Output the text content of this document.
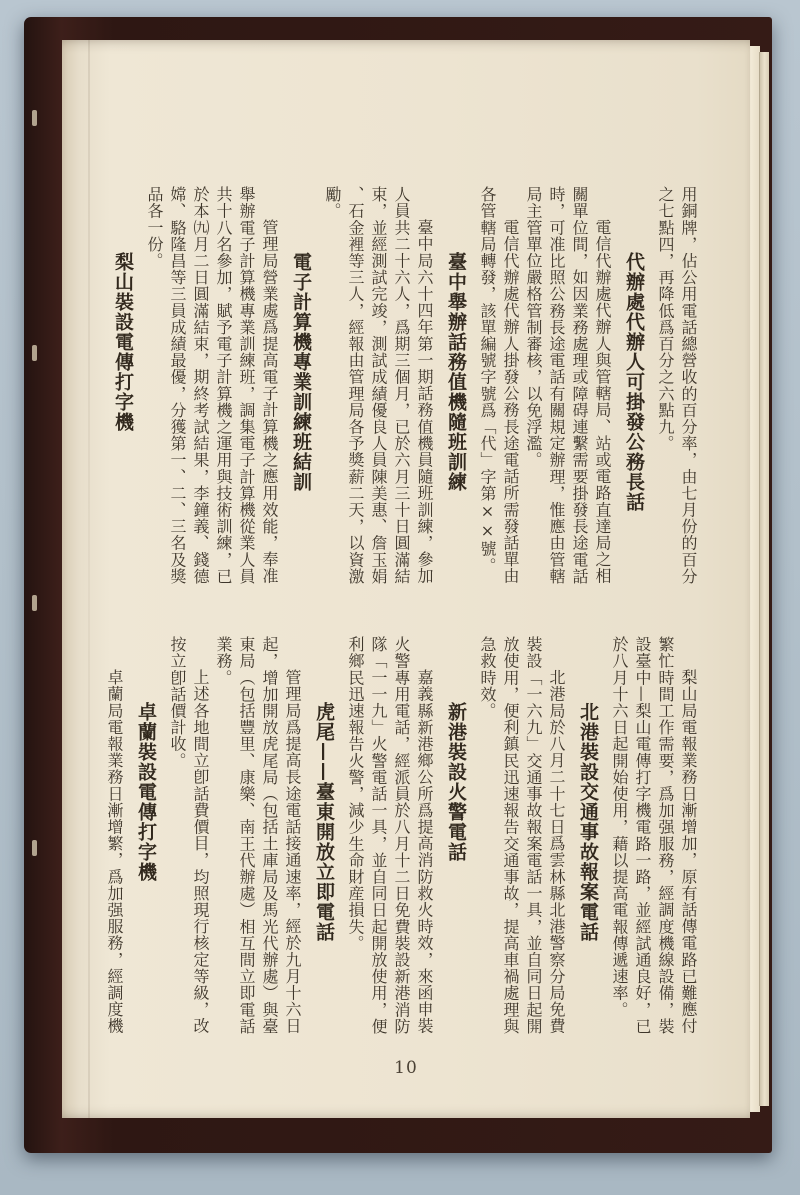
用銅牌，佔公用電話總營收的百分率，由七月份的百分
之七點四，再降低爲百分之六點九。
代辦處代辦人可掛發公務長話
電信代辦處代辦人與管轄局、站或電路直達局之相
關單位間，如因業務處理或障碍連繫需要掛發長途電話
時，可准比照公務長途電話有關規定辦理，惟應由管轄
局主管單位嚴格管制審核，以免浮濫。
電信代辦處代辦人掛發公務長途電話所需發話單由
各管轄局轉發，該單編號字號爲「代」字第××號。
臺中舉辦話務值機隨班訓練
臺中局六十四年第一期話務值機員隨班訓練，參加
人員共二十六人，爲期三個月，已於六月三十日圓滿結
束，並經測試完竣，測試成績優良人員陳美惠、詹玉娟
、石金裡等三人，經報由管理局各予獎薪二天，以資激
勵。
電子計算機專業訓練班結訓
管理局營業處爲提高電子計算機之應用效能，奉准
舉辦電子計算機專業訓練班，調集電子計算機從業人員
共十八名參加，賦予電子計算機之運用與技術訓練，已
於本㈨月二日圓滿結束，期終考試結果，李鐘義、錢德
嫦、駱隆昌等三員成績最優，分獲第一、二、三名及獎
品各一份。
梨山裝設電傳打字機
梨山局電報業務日漸增加，原有話傳電路已難應付
繁忙時間工作需要，爲加强服務，經調度機線設備，裝
設臺中—梨山電傳打字機電路一路，並經試通良好，已
於八月十六日起開始使用，藉以提高電報傳遞速率。
北港裝設交通事故報案電話
北港局於八月二十七日爲雲林縣北港警察分局免費
裝設「一六九」交通事故報案電話一具，並自同日起開
放使用，便利鎮民迅速報告交通事故，提高車禍處理與
急救時效。
新港裝設火警電話
嘉義縣新港鄉公所爲提高消防救火時效，來函申裝
火警專用電話，經派員於八月十二日免費裝設新港消防
隊「一一九」火警電話一具，並自同日起開放使用，便
利鄉民迅速報告火警，減少生命財産損失。
虎尾——臺東開放立即電話
管理局爲提高長途電話接通速率，經於九月十六日
起，增加開放虎尾局（包括土庫局及馬光代辦處）與臺
東局（包括豐里、康樂、南王代辦處）相互間立即電話
業務。
上述各地間立卽話費價目，均照現行核定等級，改
按立卽話價計收。
卓蘭裝設電傳打字機
卓蘭局電報業務日漸增繁，爲加强服務，經調度機
10
